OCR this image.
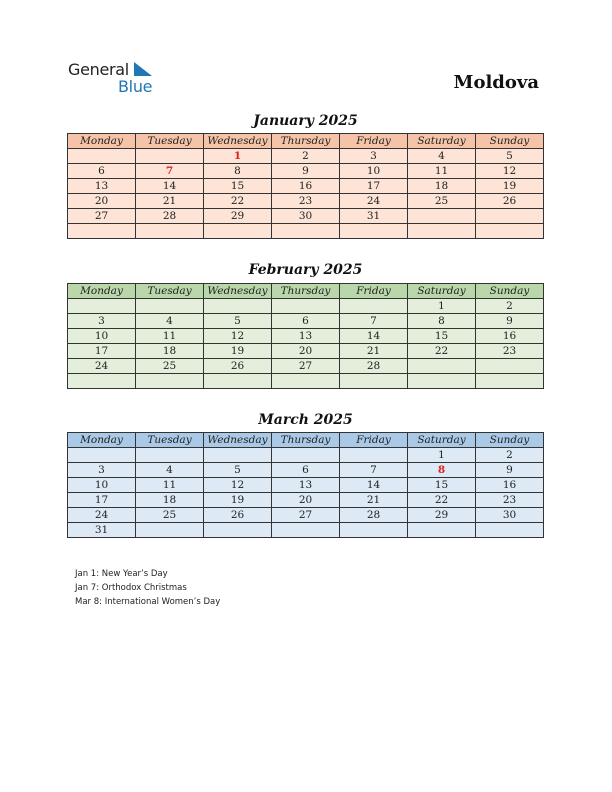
General
Blue	Moldova
January 2025
Monday	Tuesday	Wednesday	Thursday	Friday	Saturday	Sunday
		1	2	3	4	5
6	7	8	9	10	11	12
13	14	15	16	17	18	19
20	21	22	23	24	25	26
27	28	29	30	31		

February 2025
Monday	Tuesday	Wednesday	Thursday	Friday	Saturday	Sunday
					1	2
3	4	5	6	7	8	9
10	11	12	13	14	15	16
17	18	19	20	21	22	23
24	25	26	27	28		

March 2025
Monday	Tuesday	Wednesday	Thursday	Friday	Saturday	Sunday
					1	2
3	4	5	6	7	8	9
10	11	12	13	14	15	16
17	18	19	20	21	22	23
24	25	26	27	28	29	30
31						
Jan 1: New Year’s Day
Jan 7: Orthodox Christmas
Mar 8: International Women’s Day
